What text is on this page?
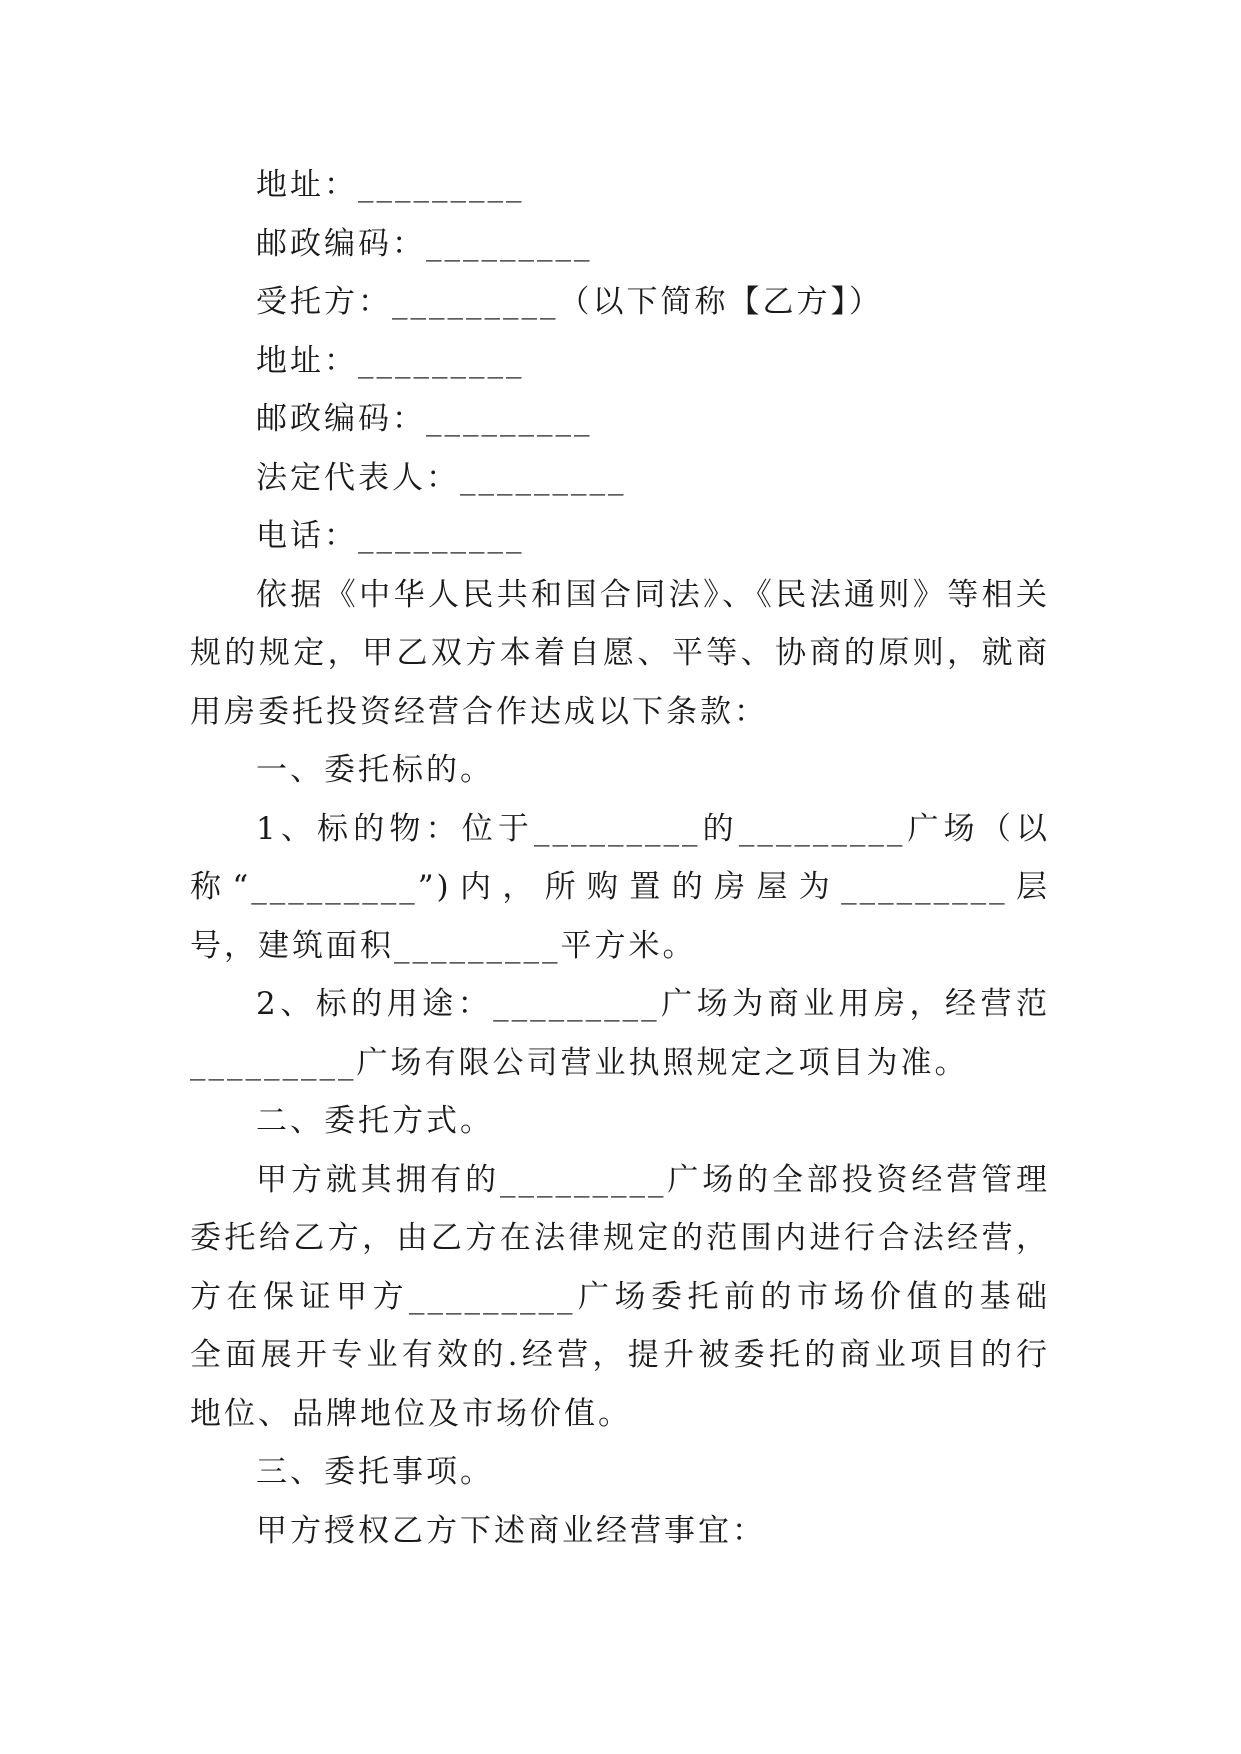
地址：_________
邮政编码：_________
受托方：_________（以下简称【乙方】）
地址：_________
邮政编码：_________
法定代表人：_________
电话：_________
依据《中华人民共和国合同法》、《民法通则》等相关
规的规定，甲乙双方本着自愿、平等、协商的原则，就商
用房委托投资经营合作达成以下条款：
一、委托标的。
1、标的物：位于_________的_________广场（以
称“_________”)内，所购置的房屋为_________层
号，建筑面积_________平方米。
2、标的用途：_________广场为商业用房，经营范
_________广场有限公司营业执照规定之项目为准。
二、委托方式。
甲方就其拥有的_________广场的全部投资经营管理
委托给乙方，由乙方在法律规定的范围内进行合法经营，
方在保证甲方_________广场委托前的市场价值的基础
全面展开专业有效的.经营，提升被委托的商业项目的行
地位、品牌地位及市场价值。
三、委托事项。
甲方授权乙方下述商业经营事宜：
